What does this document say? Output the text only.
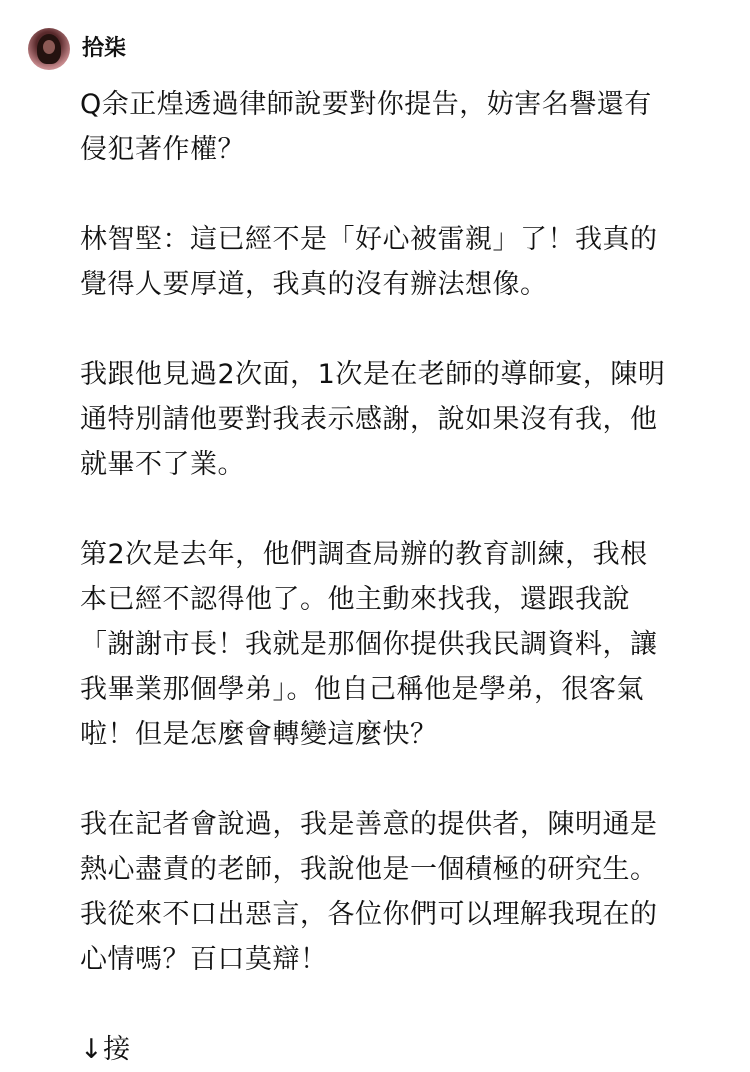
拾柒
Q余正煌透過律師說要對你提告，妨害名譽還有
侵犯著作權？
林智堅：這已經不是「好心被雷親」了！我真的
覺得人要厚道，我真的沒有辦法想像。
我跟他見過2次面，1次是在老師的導師宴，陳明
通特別請他要對我表示感謝，說如果沒有我，他
就畢不了業。
第2次是去年，他們調查局辦的教育訓練，我根
本已經不認得他了。他主動來找我，還跟我說
「謝謝市長！我就是那個你提供我民調資料，讓
我畢業那個學弟」。他自己稱他是學弟，很客氣
啦！但是怎麼會轉變這麼快？
我在記者會說過，我是善意的提供者，陳明通是
熱心盡責的老師，我說他是一個積極的研究生。
我從來不口出惡言，各位你們可以理解我現在的
心情嗎？百口莫辯！
↓接
